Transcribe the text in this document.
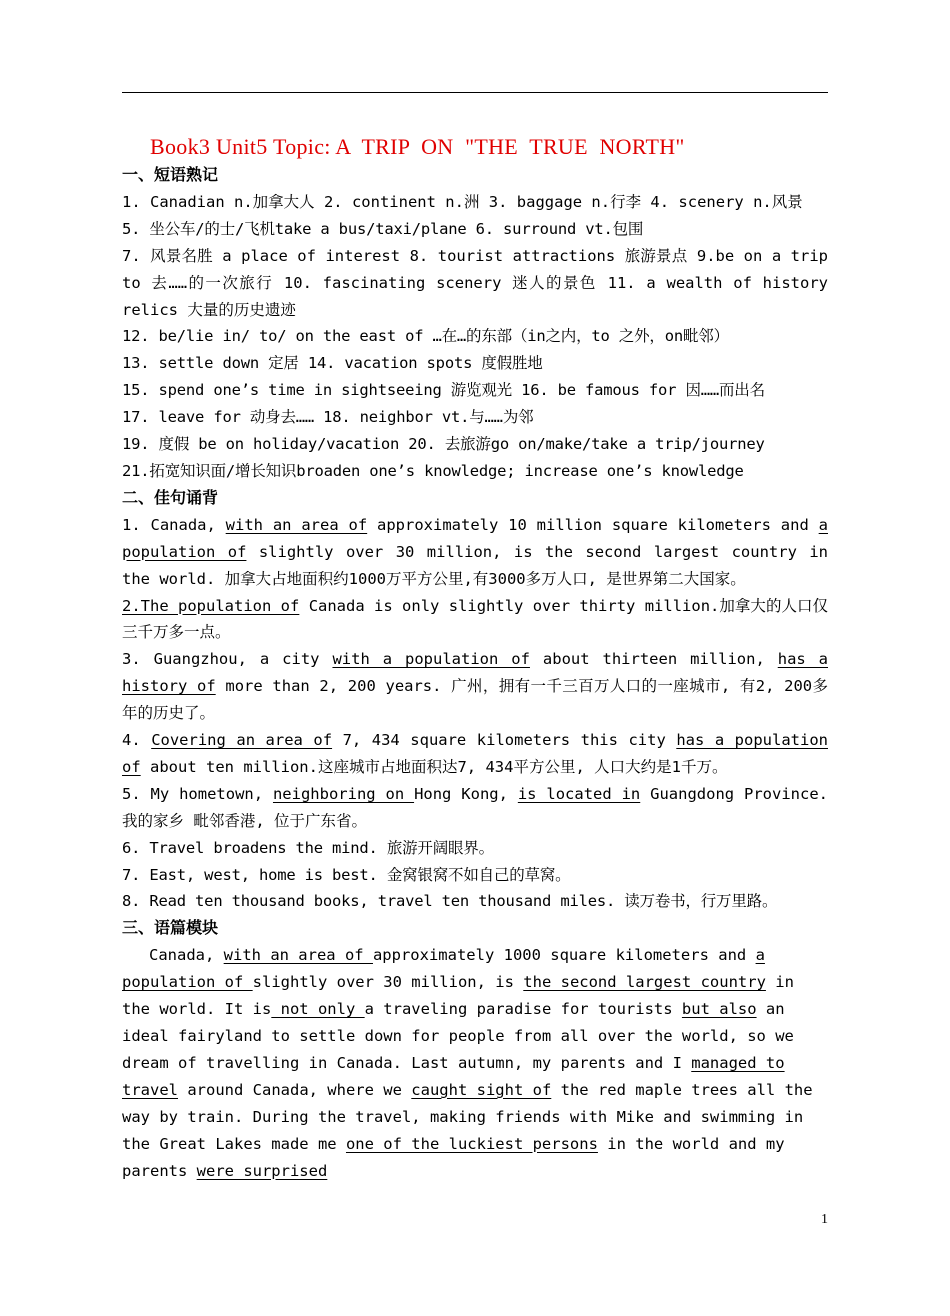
Book3 Unit5 Topic: A  TRIP  ON  "THE  TRUE  NORTH"

一、短语熟记

1. Canadian n.加拿大人 2. continent n.洲 3. baggage n.行李 4. scenery n.风景

5. 坐公车/的士/飞机take a bus/taxi/plane 6. surround vt.包围

7. 风景名胜 a place of interest 8. tourist attractions 旅游景点 9.be on a trip to 去……的一次旅行 10. fascinating scenery 迷人的景色 11. a wealth of history relics 大量的历史遗迹

12. be/lie in/ to/ on the east of …在…的东部（in之内，to 之外，on毗邻）

13. settle down 定居 14. vacation spots 度假胜地

15. spend one’s time in sightseeing 游览观光 16. be famous for 因……而出名

17. leave for 动身去…… 18. neighbor vt.与……为邻

19. 度假 be on holiday/vacation 20. 去旅游go on/make/take a trip/journey

21.拓宽知识面/增长知识broaden one’s knowledge; increase one’s knowledge

二、佳句诵背

1. Canada, with an area of approximately 10 million square kilometers and a population of slightly over 30 million, is the second largest country in the world. 加拿大占地面积约1000万平方公里,有3000多万人口, 是世界第二大国家。

2.The population of Canada is only slightly over thirty million.加拿大的人口仅三千万多一点。

3. Guangzhou, a city with a population of about thirteen million, has a history of more than 2, 200 years. 广州，拥有一千三百万人口的一座城市, 有2, 200多年的历史了。

4. Covering an area of 7, 434 square kilometers this city has a population of about ten million.这座城市占地面积达7, 434平方公里, 人口大约是1千万。

5. My hometown, neighboring on Hong Kong, is located in Guangdong Province.我的家乡 毗邻香港, 位于广东省。

6. Travel broadens the mind. 旅游开阔眼界。

7. East, west, home is best. 金窝银窝不如自己的草窝。

8. Read ten thousand books, travel ten thousand miles. 读万卷书，行万里路。

三、语篇模块

Canada, with an area of approximately 1000 square kilometers and a population of slightly over 30 million, is the second largest country in the world. It is not only a traveling paradise for tourists but also an ideal fairyland to settle down for people from all over the world, so we dream of travelling in Canada. Last autumn, my parents and I managed to travel around Canada, where we caught sight of the red maple trees all the way by train. During the travel, making friends with Mike and swimming in the Great Lakes made me one of the luckiest persons in the world and my parents were surprised

1
